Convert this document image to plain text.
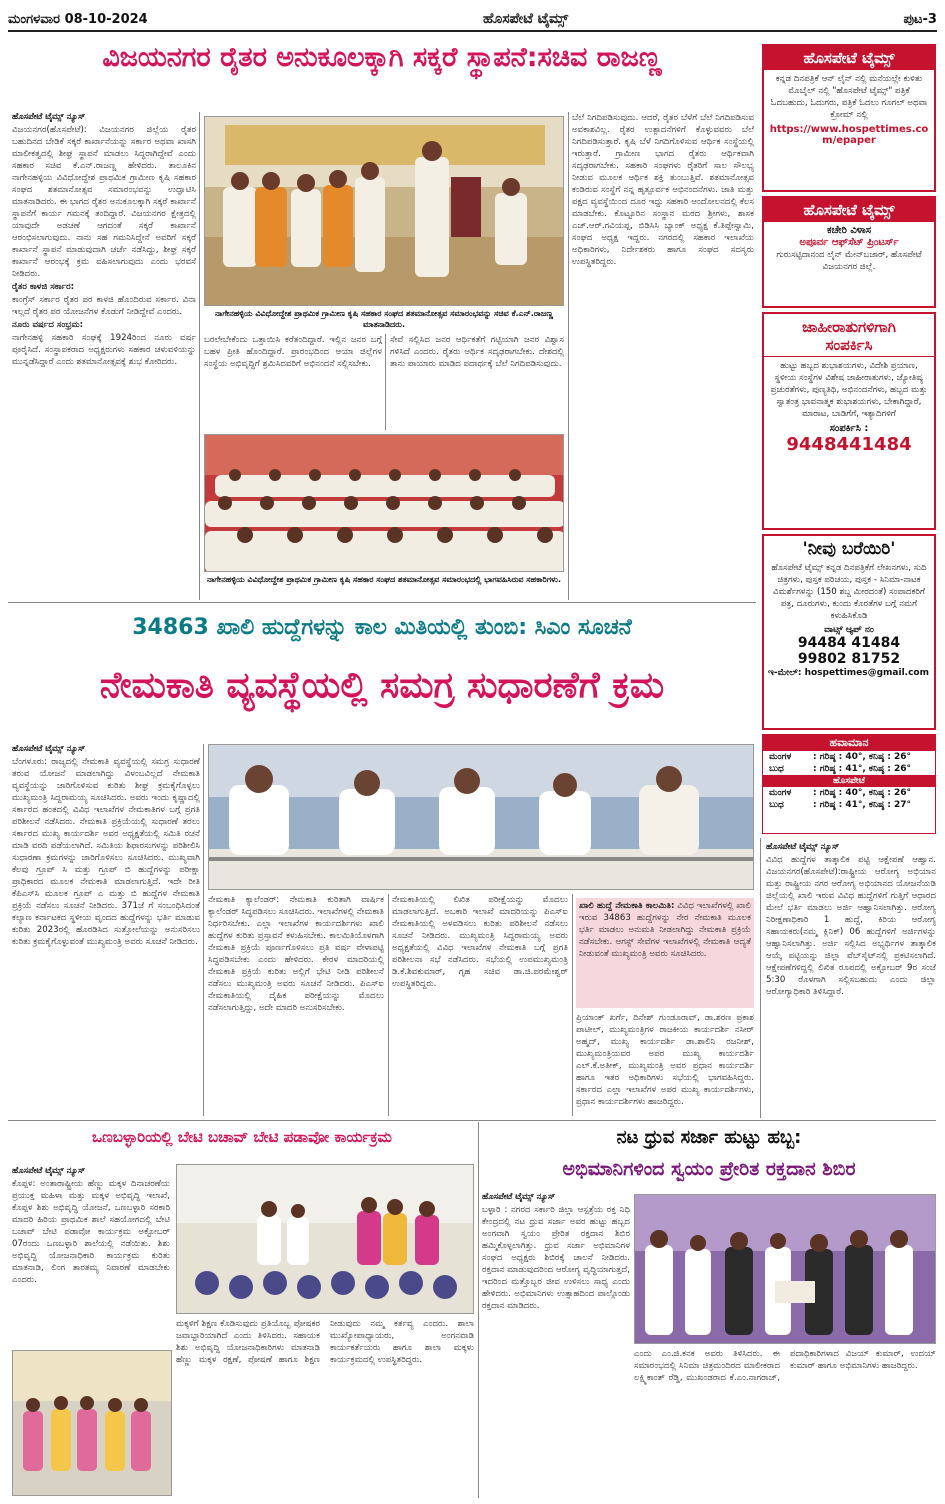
ಮಂಗಳವಾರ 08-10-2024	ಹೊಸಪೇಟೆ ಟೈಮ್ಸ್	ಪುಟ-3
ವಿಜಯನಗರ ರೈತರ ಅನುಕೂಲಕ್ಕಾಗಿ ಸಕ್ಕರೆ ಸ್ಥಾಪನೆ:ಸಚಿವ ರಾಜಣ್ಣ
ಹೊಸಪೇಟೆ ಟೈಮ್ಸ್ ನ್ಯೂಸ್

ವಿಜಯನಗರ(ಹೊಸಪೇಟೆ): ವಿಜಯನಗರ ಜಿಲ್ಲೆಯ ರೈತರ ಬಹುದಿನದ ಬೇಡಿಕೆ ಸಕ್ಕರೆ ಕಾರ್ಖಾನೆಯನ್ನು ಸರ್ಕಾರ ಅಥವಾ ಖಾಸಗಿ ಮಾಲೀಕತ್ವದಲ್ಲಿ ಶೀಘ್ರ ಸ್ಥಾಪನೆ ಮಾಡಲು ಸಿದ್ಧರಾಗಿದ್ದೇವೆ ಎಂದು ಸಹಕಾರ ಸಚಿವ ಕೆ.ಎನ್.ರಾಜಣ್ಣ ಹೇಳಿದರು. ತಾಲೂಕಿನ ನಾಗೇನಹಳ್ಳಿಯ ವಿವಿಧೋದ್ದೇಶ ಪ್ರಾಥಮಿಕ ಗ್ರಾಮೀಣ ಕೃಷಿ ಸಹಕಾರ ಸಂಘದ ಶತಮಾನೋತ್ಸವ ಸಮಾರಂಭವನ್ನು ಉದ್ಘಾಟಿಸಿ ಮಾತನಾಡಿದರು. ಈ ಭಾಗದ ರೈತರ ಅನುಕೂಲಕ್ಕಾಗಿ ಸಕ್ಕರೆ ಕಾರ್ಖಾನೆ ಸ್ಥಾಪನೆಗೆ ಕಾರ್ಯ ಗಮನಕ್ಕೆ ತಂದಿದ್ದಾರೆ. ವಿಜಯನಗರ ಕ್ಷೇತ್ರದಲ್ಲಿ ಯಾವುದೇ ಅಡಚಣೆ ಆಗದಂತೆ ಸಕ್ಕರೆ ಕಾರ್ಖಾನೆ ಆರಂಭಿಸಲಾಗುವುದು. ನಾನು ಸಹ ಗಮನಿಸಿದ್ದೇನೆ ಅವರಿಗೆ ಸಕ್ಕರೆ ಕಾರ್ಖಾನೆ ಸ್ಥಾಪನೆ ಮಾಡುವುದಾಗಿ ಚರ್ಚೆ ನಡೆಸಿದ್ದು, ಶೀಘ್ರ ಸಕ್ಕರೆ ಕಾರ್ಖಾನೆ ಆರಂಭಕ್ಕೆ ಕ್ರಮ ವಹಿಸಲಾಗುವುದು ಎಂದು ಭರವಸೆ ನೀಡಿದರು.

ರೈತರ ಕಾಳಜಿ ಸರ್ಕಾರ:

ಕಾಂಗ್ರೆಸ್ ಸರ್ಕಾರ ರೈತರ ಪರ ಕಾಳಜಿ ಹೊಂದಿರುವ ಸರ್ಕಾರ. ವಿನಾ ಇಲ್ಲದೆ ರೈತರ ಪರ ಯೋಜನೆಗಳ ಕೊಡುಗೆ ನೀಡಿದ್ದೇವೆ ಎಂದರು.

ನೂರು ವರ್ಷದ ಸಂಭ್ರಮ:

ನಾಗೇನಹಳ್ಳಿ ಸಹಕಾರಿ ಸಂಘಕ್ಕೆ 1924ರಿಂದ ನೂರು ವರ್ಷ ಪೂರೈಸಿದೆ. ಸಂಸ್ಥಾಪಕರಾದ ಅಧ್ಯಕ್ಷರುಗಳು ಸಹಕಾರ ಚಳುವಳಿಯನ್ನು ಮುನ್ನಡೆಸಿದ್ದಾರೆ ಎಂದು ಶತಮಾನೋತ್ಸವಕ್ಕೆ ಶುಭ ಕೋರಿದರು.

ನಾಗೇನಹಳ್ಳಿಯ ವಿವಿಧೋದ್ದೇಶ ಪ್ರಾಥಮಿಕ ಗ್ರಾಮೀಣ ಕೃಷಿ ಸಹಕಾರ ಸಂಘದ ಶತಮಾನೋತ್ಸವ ಸಮಾರಂಭವನ್ನು ಸಚಿವ ಕೆ.ಎನ್.ರಾಜಣ್ಣ ಮಾತನಾಡಿದರು.
ಬರಲೇಬೇಕೆಂದು ಒತ್ತಾಯಿಸಿ ಕರೆತಂದಿದ್ದಾರೆ. ಇಲ್ಲಿನ ಜನರ ಬಗ್ಗೆ ಬಹಳ ಪ್ರೀತಿ ಹೊಂದಿದ್ದಾರೆ. ಪ್ರಾರಂಭದಿಂದ ಆಯಾ ಜಿಲ್ಲೆಗಳ ಸಂಸ್ಥೆಯ ಅಭಿವೃದ್ಧಿಗೆ ಶ್ರಮಿಸಿದವರಿಗೆ ಅಭಿನಂದನೆ ಸಲ್ಲಿಸಬೇಕು.
ಸೇವೆ ಸಲ್ಲಿಸಿದ ಜನರ ಆರ್ಥಿಕತೆಗೆ ಗಟ್ಟಿಯಾಗಿ ಜನರ ವಿಶ್ವಾಸ ಗಳಿಸಿದೆ ಎಂದರು. ರೈತರು ಆರ್ಥಿಕ ಸದೃಢರಾಗಬೇಕು. ದೇಶದಲ್ಲಿ ತಾನು ಪಾಯಾರು ಮಾಡಿದ ಪದಾರ್ಥಕ್ಕೆ ಬೆಲೆ ನಿಗದಿಪಡಿಸುವುದು.
ನಾಗೇನಹಳ್ಳಿಯ ವಿವಿಧೋದ್ದೇಶ ಪ್ರಾಥಮಿಕ ಗ್ರಾಮೀಣ ಕೃಷಿ ಸಹಕಾರ ಸಂಘದ ಶತಮಾನೋತ್ಸವ ಸಮಾರಂಭದಲ್ಲಿ ಭಾಗವಹಿಸಿರುವ ಸಹಕಾರಿಗಳು.
ಬೆಲೆ ನಿಗದಿಪಡಿಸುವುದು. ಆದರೆ, ರೈತರ ಬೆಳೆಗೆ ಬೆಲೆ ನಿಗದಿಪಡಿಸುವ ಅವಕಾಶವಿಲ್ಲ. ರೈತರ ಉತ್ಪಾದನೆಗಳಿಗೆ ಕೊಳ್ಳುವವರು ಬೆಲೆ ನಿಗದಿಪಡಿಸುತ್ತಾರೆ. ಕೃಷಿ ಬೆಳೆ ನಿಗದಿಗೊಳಿಸುವ ಆರ್ಥಿಕ ಸಂಸ್ಥೆಯಲ್ಲಿ ಇರುತ್ತಾರೆ. ಗ್ರಾಮೀಣ ಭಾಗದ ರೈತರು ಆರ್ಥಿಕವಾಗಿ ಸದೃಢರಾಗಬೇಕು. ಸಹಕಾರಿ ಸಂಘಗಳು ರೈತರಿಗೆ ಸಾಲ ಸೌಲಭ್ಯ ನೀಡುವ ಮೂಲಕ ಆರ್ಥಿಕ ಶಕ್ತಿ ತುಂಬುತ್ತಿವೆ. ಶತಮಾನೋತ್ಸವ ಕಂಡಿರುವ ಸಂಸ್ಥೆಗೆ ನನ್ನ ಹೃತ್ಪೂರ್ವಕ ಅಭಿನಂದನೆಗಳು. ಜಾತಿ ಮತ್ತು ಪಕ್ಷದ ವ್ಯವಸ್ಥೆಯಿಂದ ದೂರ ಇದ್ದು ಸಹಕಾರಿ ಆಂದೋಲನದಲ್ಲಿ ಕೆಲಸ ಮಾಡಬೇಕು. ಕೊಟ್ಟೂರಿನ ಸಂಸ್ಥಾನ ಮಠದ ಶ್ರೀಗಳು, ಶಾಸಕ ಎಚ್.ಆರ್.ಗವಿಯಪ್ಪ, ಬಿಡಿಸಿಸಿ ಬ್ಯಾಂಕ್ ಅಧ್ಯಕ್ಷ ಕೆ.ತಿಪ್ಪೇಸ್ವಾಮಿ, ಸಂಘದ ಅಧ್ಯಕ್ಷ ಇದ್ದರು. ನಗರದಲ್ಲಿ ಸಹಕಾರ ಇಲಾಖೆಯ ಅಧಿಕಾರಿಗಳು, ನಿರ್ದೇಶಕರು ಹಾಗೂ ಸಂಘದ ಸದಸ್ಯರು ಉಪಸ್ಥಿತರಿದ್ದರು.
34863 ಖಾಲಿ ಹುದ್ದೆಗಳನ್ನು ಕಾಲ ಮಿತಿಯಲ್ಲಿ ತುಂಬಿ: ಸಿಎಂ ಸೂಚನೆ
ನೇಮಕಾತಿ ವ್ಯವಸ್ಥೆಯಲ್ಲಿ ಸಮಗ್ರ ಸುಧಾರಣೆಗೆ ಕ್ರಮ
ಹೊಸಪೇಟೆ ಟೈಮ್ಸ್ ನ್ಯೂಸ್
ಬೆಂಗಳೂರು: ರಾಜ್ಯದಲ್ಲಿ ನೇಮಕಾತಿ ವ್ಯವಸ್ಥೆಯಲ್ಲಿ ಸಮಗ್ರ ಸುಧಾರಣೆ ತರುವ ಯೋಜನೆ ಮಾಡಲಾಗಿದ್ದು ವಿಳಂಬವಿಲ್ಲದೆ ನೇಮಕಾತಿ ವ್ಯವಸ್ಥೆಯನ್ನು ಜಾರಿಗೊಳಿಸುವ ಕುರಿತು ಶೀಘ್ರ ಕ್ರಮಕೈಗೊಳ್ಳಲು ಮುಖ್ಯಮಂತ್ರಿ ಸಿದ್ದರಾಮಯ್ಯ ಸೂಚಿಸಿದರು. ಅವರು ಇಂದು ಕೃಷ್ಣಾದಲ್ಲಿ ಸರ್ಕಾರದ ಹಂತದಲ್ಲಿ ವಿವಿಧ ಇಲಾಖೆಗಳ ನೇಮಕಾತಿಗಳ ಬಗ್ಗೆ ಪ್ರಗತಿ ಪರಿಶೀಲನೆ ನಡೆಸಿದರು. ನೇಮಕಾತಿ ಪ್ರಕ್ರಿಯೆಯಲ್ಲಿ ಸುಧಾರಣೆ ತರಲು ಸರ್ಕಾರದ ಮುಖ್ಯ ಕಾರ್ಯದರ್ಶಿ ಅವರ ಅಧ್ಯಕ್ಷತೆಯಲ್ಲಿ ಸಮಿತಿ ರಚನೆ ಮಾಡಿ ವರದಿ ಪಡೆಯಲಾಗಿದೆ. ಸಮಿತಿಯ ಶಿಫಾರಸುಗಳನ್ನು ಪರಿಶೀಲಿಸಿ ಸುಧಾರಣಾ ಕ್ರಮಗಳನ್ನು ಜಾರಿಗೊಳಿಸಲು ಸೂಚಿಸಿದರು. ಮುಖ್ಯವಾಗಿ ಕೆಲವು ಗ್ರೂಪ್ ಸಿ ಮತ್ತು ಗ್ರೂಪ್ ಬಿ ಹುದ್ದೆಗಳನ್ನು ಪರೀಕ್ಷಾ ಪ್ರಾಧಿಕಾರದ ಮೂಲಕ ನೇಮಕಾತಿ ಮಾಡಲಾಗುತ್ತಿದೆ. ಇದೇ ರೀತಿ ಕೆಪಿಎಸ್‌ಸಿ ಮೂಲಕ ಗ್ರೂಪ್ ಎ ಮತ್ತು ಬಿ ಹುದ್ದೆಗಳ ನೇಮಕಾತಿ ಪ್ರಕ್ರಿಯೆ ನಡೆಸಲು ಸೂಚನೆ ನೀಡಿದರು. 371ಜೆ ಗೆ ಸಂಬಂಧಿಸಿದಂತೆ ಕಲ್ಯಾಣ ಕರ್ನಾಟಕದ ಸ್ಥಳೀಯ ವೃಂದದ ಹುದ್ದೆಗಳನ್ನು ಭರ್ತಿ ಮಾಡುವ ಕುರಿತು 2023ರಲ್ಲಿ ಹೊರಡಿಸಿದ ಸುತ್ತೋಲೆಯನ್ನು ಅನುಸರಿಸಲು ಕುರಿತು ಕ್ರಮಕೈಗೊಳ್ಳುವಂತೆ ಮುಖ್ಯಮಂತ್ರಿ ಅವರು ಸೂಚನೆ ನೀಡಿದರು.
ನೇಮಕಾತಿ ಕ್ಯಾಲೆಂಡರ್: ನೇಮಕಾತಿ ಕುರಿತಾಗಿ ವಾರ್ಷಿಕ ಕ್ಯಾಲೆಂಡರ್ ಸಿದ್ಧಪಡಿಸಲು ಸೂಚಿಸಿದರು. ಇಲಾಖೆಗಳಲ್ಲಿ ನೇಮಕಾತಿ ನಿರ್ಧರಿಸಬೇಕು. ಎಲ್ಲಾ ಇಲಾಖೆಗಳ ಕಾರ್ಯದರ್ಶಿಗಳು ಖಾಲಿ ಹುದ್ದೆಗಳ ಕುರಿತು ಪ್ರಸ್ತಾವನೆ ಕಳುಹಿಸಬೇಕು. ಕಾಲಮಿತಿಯೊಳಗಾಗಿ ನೇಮಕಾತಿ ಪ್ರಕ್ರಿಯೆ ಪೂರ್ಣಗೊಳಿಸಲು ಪ್ರತಿ ವರ್ಷ ವೇಳಾಪಟ್ಟಿ ಸಿದ್ಧಪಡಿಸಬೇಕು ಎಂದು ಹೇಳಿದರು. ಕೇರಳ ಮಾದರಿಯಲ್ಲಿ ನೇಮಕಾತಿ ಪ್ರಕ್ರಿಯೆ ಕುರಿತು ಅಲ್ಲಿಗೆ ಭೇಟಿ ನೀಡಿ ಪರಿಶೀಲನೆ ನಡೆಸಲು ಮುಖ್ಯಮಂತ್ರಿ ಅವರು ಸೂಚನೆ ನೀಡಿದರು. ಪಿಎಸ್‌ಐ ನೇಮಕಾತಿಯಲ್ಲಿ ದೈಹಿಕ ಪರೀಕ್ಷೆಯನ್ನು ಮೊದಲು ನಡೆಸಲಾಗುತ್ತಿದ್ದು, ಅದೇ ಮಾದರಿ ಅನುಸರಿಸಬೇಕು.
ನೇಮಕಾತಿಯಲ್ಲಿ ಲಿಖಿತ ಪರೀಕ್ಷೆಯನ್ನು ಮೊದಲು ಮಾಡಲಾಗುತ್ತಿದೆ. ಅಬಕಾರಿ ಇಲಾಖೆ ಮಾದರಿಯನ್ನು ಪಿಎಸ್‌ಐ ನೇಮಕಾತಿಯಲ್ಲಿ ಅಳವಡಿಸಲು ಕುರಿತು ಪರಿಶೀಲನೆ ನಡೆಸಲು ಸೂಚನೆ ನೀಡಿದರು. ಮುಖ್ಯಮಂತ್ರಿ ಸಿದ್ದರಾಮಯ್ಯ ಅವರು ಅಧ್ಯಕ್ಷತೆಯಲ್ಲಿ ವಿವಿಧ ಇಲಾಖೆಗಳ ನೇಮಕಾತಿ ಬಗ್ಗೆ ಪ್ರಗತಿ ಪರಿಶೀಲನಾ ಸಭೆ ನಡೆಸಿದರು. ಸಭೆಯಲ್ಲಿ ಉಪಮುಖ್ಯಮಂತ್ರಿ ಡಿ.ಕೆ.ಶಿವಕುಮಾರ್, ಗೃಹ ಸಚಿವ ಡಾ.ಜಿ.ಪರಮೇಶ್ವರ್ ಉಪಸ್ಥಿತರಿದ್ದರು.
ಖಾಲಿ ಹುದ್ದೆ ನೇಮಕಾತಿ ಕಾಲಮಿತಿ: ವಿವಿಧ ಇಲಾಖೆಗಳಲ್ಲಿ ಖಾಲಿ ಇರುವ 34863 ಹುದ್ದೆಗಳನ್ನು ನೇರ ನೇಮಕಾತಿ ಮೂಲಕ ಭರ್ತಿ ಮಾಡಲು ಅನುಮತಿ ನೀಡಲಾಗಿದ್ದು ನೇಮಕಾತಿ ಪ್ರಕ್ರಿಯೆ ನಡೆಸಬೇಕು. ಆಗಸ್ಟ್ ಸೇವೆಗಳ ಇಲಾಖೆಗಳಲ್ಲಿ ನೇಮಕಾತಿ ಆದ್ಯತೆ ನೀಡುವಂತೆ ಮುಖ್ಯಮಂತ್ರಿ ಅವರು ಸೂಚಿಸಿದರು.
ಪ್ರಿಯಾಂಕ್ ಖರ್ಗೆ, ದಿನೇಶ್ ಗುಂಡೂರಾವ್, ಡಾ.ಶರಣ ಪ್ರಕಾಶ ಪಾಟೀಲ್, ಮುಖ್ಯಮಂತ್ರಿಗಳ ರಾಜಕೀಯ ಕಾರ್ಯದರ್ಶಿ ನಸೀರ್ ಅಹ್ಮದ್, ಮುಖ್ಯ ಕಾರ್ಯದರ್ಶಿ ಡಾ.ಶಾಲಿನಿ ರಜನೀಶ್, ಮುಖ್ಯಮಂತ್ರಿಯವರ ಅಪರ ಮುಖ್ಯ ಕಾರ್ಯದರ್ಶಿ ಎಲ್.ಕೆ.ಅತೀಕ್, ಮುಖ್ಯಮಂತ್ರಿ ಅವರ ಪ್ರಧಾನ ಕಾರ್ಯದರ್ಶಿ ಹಾಗೂ ಇತರ ಅಧಿಕಾರಿಗಳು ಸಭೆಯಲ್ಲಿ ಭಾಗವಹಿಸಿದ್ದರು. ಸರ್ಕಾರದ ಎಲ್ಲಾ ಇಲಾಖೆಗಳ ಅಪರ ಮುಖ್ಯ ಕಾರ್ಯದರ್ಶಿಗಳು, ಪ್ರಧಾನ ಕಾರ್ಯದರ್ಶಿಗಳು ಹಾಜರಿದ್ದರು.
ಹೊಸಪೇಟೆ ಟೈಮ್ಸ್ ನ್ಯೂಸ್
ವಿವಿಧ ಹುದ್ದೆಗಳ ತಾತ್ಕಾಲಿಕ ಪಟ್ಟಿ ಆಕ್ಷೇಪಣೆ ಆಹ್ವಾನ. ವಿಜಯನಗರ(ಹೊಸಪೇಟೆ):ರಾಷ್ಟ್ರೀಯ ಆರೋಗ್ಯ ಅಭಿಯಾನ ಮತ್ತು ರಾಷ್ಟ್ರೀಯ ನಗರ ಆರೋಗ್ಯ ಅಭಿಯಾನದ ಯೋಜನೆಯಡಿ ಜಿಲ್ಲೆಯಲ್ಲಿ ಖಾಲಿ ಇರುವ ವಿವಿಧ ಹುದ್ದೆಗಳಿಗೆ ಗುತ್ತಿಗೆ ಆಧಾರದ ಮೇಲೆ ಭರ್ತಿ ಮಾಡಲು ಅರ್ಜಿ ಆಹ್ವಾನಿಸಲಾಗಿತ್ತು. ಆರೋಗ್ಯ ನಿರೀಕ್ಷಣಾಧಿಕಾರಿ 1 ಹುದ್ದೆ, ಕಿರಿಯ ಆರೋಗ್ಯ ಸಹಾಯಕರು(ನಮ್ಮ ಕ್ಲಿನಿಕ್) 06 ಹುದ್ದೆಗಳಿಗೆ ಅರ್ಜಿಗಳನ್ನು ಆಹ್ವಾನಿಸಲಾಗಿತ್ತು. ಅರ್ಜಿ ಸಲ್ಲಿಸಿದ ಅಭ್ಯರ್ಥಿಗಳ ತಾತ್ಕಾಲಿಕ ಆಯ್ಕೆ ಪಟ್ಟಿಯನ್ನು ಜಿಲ್ಲಾ ವೆಬ್‌ಸೈಟ್‌ನಲ್ಲಿ ಪ್ರಕಟಿಸಲಾಗಿದೆ. ಆಕ್ಷೇಪಣೆಗಳಿದ್ದಲ್ಲಿ ಲಿಖಿತ ರೂಪದಲ್ಲಿ ಅಕ್ಟೋಬರ್ 9ರ ಸಂಜೆ 5:30 ರೊಳಗಾಗಿ ಸಲ್ಲಿಸಬಹುದು ಎಂದು ಜಿಲ್ಲಾ ಆರೋಗ್ಯಾಧಿಕಾರಿ ತಿಳಿಸಿದ್ದಾರೆ.
ಒಣಬಳ್ಳಾರಿಯಲ್ಲಿ ಬೇಟಿ ಬಚಾವ್ ಬೇಟಿ ಪಡಾವೋ ಕಾರ್ಯಕ್ರಮ
ಹೊಸಪೇಟೆ ಟೈಮ್ಸ್ ನ್ಯೂಸ್
ಕೊಪ್ಪಳ: ಅಂತಾರಾಷ್ಟ್ರೀಯ ಹೆಣ್ಣು ಮಕ್ಕಳ ದಿನಾಚರಣೆಯ ಪ್ರಯುಕ್ತ ಮಹಿಳಾ ಮತ್ತು ಮಕ್ಕಳ ಅಭಿವೃದ್ಧಿ ಇಲಾಖೆ, ಕೊಪ್ಪಳ ಶಿಶು ಅಭಿವೃದ್ಧಿ ಯೋಜನೆ, ಒಣಬಳ್ಳಾರಿ ಸರಕಾರಿ ಮಾದರಿ ಹಿರಿಯ ಪ್ರಾಥಮಿಕ ಶಾಲೆ ಸಹಯೋಗದಲ್ಲಿ ಬೇಟಿ ಬಚಾವ್ ಬೇಟಿ ಪಡಾವೋ ಕಾರ್ಯಕ್ರಮ ಅಕ್ಟೋಬರ್ 07ರಂದು ಒಣಬಳ್ಳಾರಿ ಶಾಲೆಯಲ್ಲಿ ನಡೆಯಿತು. ಶಿಶು ಅಭಿವೃದ್ಧಿ ಯೋಜನಾಧಿಕಾರಿ ಕಾರ್ಯಕ್ರಮ ಕುರಿತು ಮಾತನಾಡಿ, ಲಿಂಗ ತಾರತಮ್ಯ ನಿವಾರಣೆ ಮಾಡಬೇಕು ಎಂದರು.
ಮಕ್ಕಳಿಗೆ ಶಿಕ್ಷಣ ಕೊಡಿಸುವುದು ಪ್ರತಿಯೊಬ್ಬ ಪೋಷಕರ ಜವಾಬ್ದಾರಿಯಾಗಿದೆ ಎಂದು ತಿಳಿಸಿದರು. ಸಹಾಯಕ ಶಿಶು ಅಭಿವೃದ್ಧಿ ಯೋಜನಾಧಿಕಾರಿಗಳು ಮಾತನಾಡಿ ಹೆಣ್ಣು ಮಕ್ಕಳ ರಕ್ಷಣೆ, ಪೋಷಣೆ ಹಾಗೂ ಶಿಕ್ಷಣ ನೀಡುವುದು ನಮ್ಮ ಕರ್ತವ್ಯ ಎಂದರು. ಶಾಲಾ ಮುಖ್ಯೋಪಾಧ್ಯಾಯರು, ಅಂಗನವಾಡಿ ಕಾರ್ಯಕರ್ತೆಯರು ಹಾಗೂ ಶಾಲಾ ಮಕ್ಕಳು ಕಾರ್ಯಕ್ರಮದಲ್ಲಿ ಉಪಸ್ಥಿತರಿದ್ದರು.
ನಟ ಧ್ರುವ ಸರ್ಜಾ ಹುಟ್ಟು ಹಬ್ಬ:
ಅಭಿಮಾನಿಗಳಿಂದ ಸ್ವಯಂ ಪ್ರೇರಿತ ರಕ್ತದಾನ ಶಿಬಿರ
ಹೊಸಪೇಟೆ ಟೈಮ್ಸ್ ನ್ಯೂಸ್
ಬಳ್ಳಾರಿ : ನಗರದ ಸರ್ಕಾರಿ ಜಿಲ್ಲಾ ಆಸ್ಪತ್ರೆಯ ರಕ್ತ ನಿಧಿ ಕೇಂದ್ರದಲ್ಲಿ ನಟ ಧ್ರುವ ಸರ್ಜಾ ಅವರ ಹುಟ್ಟು ಹಬ್ಬದ ಅಂಗವಾಗಿ ಸ್ವಯಂ ಪ್ರೇರಿತ ರಕ್ತದಾನ ಶಿಬಿರ ಹಮ್ಮಿಕೊಳ್ಳಲಾಗಿತ್ತು. ಧ್ರುವ ಸರ್ಜಾ ಅಭಿಮಾನಿಗಳ ಸಂಘದ ಅಧ್ಯಕ್ಷರು ಶಿಬಿರಕ್ಕೆ ಚಾಲನೆ ನೀಡಿದರು. ರಕ್ತದಾನ ಮಾಡುವುದರಿಂದ ಆರೋಗ್ಯ ವೃದ್ಧಿಯಾಗುತ್ತದೆ, ಇದರಿಂದ ಮತ್ತೊಬ್ಬರ ಜೀವ ಉಳಿಸಲು ಸಾಧ್ಯ ಎಂದು ಹೇಳಿದರು. ಅಭಿಮಾನಿಗಳು ಉತ್ಸಾಹದಿಂದ ಪಾಲ್ಗೊಂಡು ರಕ್ತದಾನ ಮಾಡಿದರು.
ಎಂದು ಎಂ.ಜಿ.ಕನಕ ಅವರು ತಿಳಿಸಿದರು. ಈ ಸಮಾರಂಭದಲ್ಲಿ ಸಿನಿಮಾ ಚಿತ್ರಮಂದಿರದ ಮಾಲೀಕರಾದ ಲಕ್ಷ್ಮಿಕಾಂತ್ ರೆಡ್ಡಿ, ಮುಖಂಡರಾದ ಕೆ.ಎಂ.ನಾಗರಾಜ್, ಪದಾಧಿಕಾರಿಗಳಾದ ವಿಜಯ್ ಕುಮಾರ್, ಉದಯ್ ಕುಮಾರ್ ಹಾಗೂ ಅಭಿಮಾನಿಗಳು ಹಾಜರಿದ್ದರು.
ಹೊಸಪೇಟೆ ಟೈಮ್ಸ್
ಕನ್ನಡ ದಿನಪತ್ರಿಕೆ ಆನ್ ಲೈನ್ ನಲ್ಲಿ ಮನೆಯಲ್ಲೇ ಕುಳಿತು ಮೊಬೈಲ್ ನಲ್ಲಿ "ಹೊಸಪೇಟೆ ಟೈಮ್ಸ್" ಪತ್ರಿಕೆ ಓದಬಹುದು, ಓದುಗರು, ಪತ್ರಿಕೆ ಓದಲು ಗೂಗಲ್ ಅಥವಾ ಕ್ರೋಮ್ ನಲ್ಲಿ
https://www.hospettimes.com/epaper
ಹೊಸಪೇಟೆ ಟೈಮ್ಸ್
ಕಚೇರಿ ವಿಳಾಸ
ಅಪೂರ್ವ ಆಫ್‌ಸೆಟ್ ಪ್ರಿಂಟರ್ಸ್
ಗುರುಸಟ್ಟಿದಾನಂದ ಲೈನ್ ಮೇನ್‌ಬಜಾರ್, ಹೊಸಪೇಟೆ ವಿಜಯನಗರ ಜಿಲ್ಲೆ.
ಜಾಹೀರಾತುಗಳಿಗಾಗಿ
ಸಂಪರ್ಕಿಸಿ
ಹುಟ್ಟು ಹಬ್ಬದ ಶುಭಾಶಯಗಳು, ವಿದೇಶಿ ಪ್ರಯಾಣ, ಸ್ಥಳೀಯ ಸಂಸ್ಥೆಗಳ ವಿಶೇಷ ಜಾಹೀರಾತುಗಳು, ಜ್ಯೋತಿಷ್ಯ ಪ್ರಚುರತೆಗಳು, ಪುಣ್ಯತಿಥಿ, ಅಭಿನಂದನೆಗಳು, ಹಬ್ಬದ ಮತ್ತು ಸ್ವಾತಂತ್ರ ಭಾವನಾತ್ಮಕ ಶುಭಾಶಯಗಳು, ಬೇಕಾಗಿದ್ದಾರೆ, ಮಾರಾಟ, ಬಾಡಿಗೆಗೆ, ಇತ್ಯಾದಿಗಳಿಗೆ
ಸಂಪರ್ಕಿಸಿ :
9448441484
'ನೀವು ಬರೆಯಿರಿ'
ಹೊಸಪೇಟೆ ಟೈಮ್ಸ್ ಕನ್ನಡ ದಿನಪತ್ರಿಕೆಗೆ ಲೇಖನಗಳು, ಸುದಿ ಚಿತ್ರಗಳು, ಪುಸ್ತಕ ಪರಿಚಯ, ಪುಸ್ತಕ - ಸಿನಿಮಾ-ನಾಟಕ ವಿಮರ್ಶೆಗಳನ್ನು (150 ಶಬ್ದ ಮೀರದಂತೆ) ಸಂಪಾದಕರಿಗೆ ಪತ್ರ, ದೂರುಗಳು, ಕುಂದು ಕೊರತೆಗಳ ಬಗ್ಗೆ ನಮಗೆ ಕಳುಹಿಸಿಕೊಡಿ
ವಾಟ್ಸ್ ಆ್ಯಪ್ ನಂ
94484 41484
99802 81752
ಇ-ಮೇಲ್: hospettimes@gmail.com
ಹವಾಮಾನ
ಮಂಗಳ	: ಗರಿಷ್ಠ : 40°, ಕನಿಷ್ಠ : 26°
ಬುಧ	: ಗರಿಷ್ಠ : 41°, ಕನಿಷ್ಠ : 26°
ಹೊಸಪೇಟೆ
ಮಂಗಳ	: ಗರಿಷ್ಠ : 40°, ಕನಿಷ್ಠ : 26°
ಬುಧ	: ಗರಿಷ್ಠ : 41°, ಕನಿಷ್ಠ : 27°
